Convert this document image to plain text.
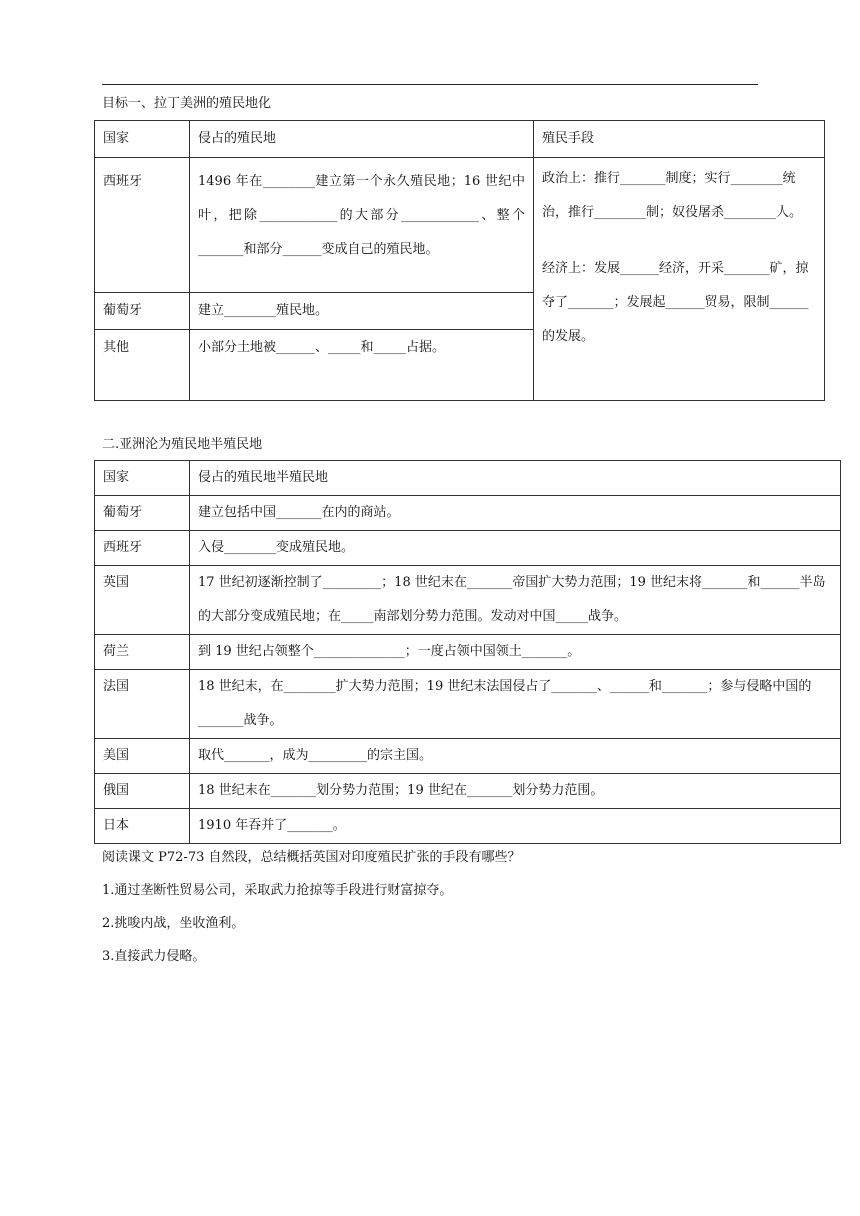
目标一、拉丁美洲的殖民地化
国家	侵占的殖民地	殖民手段
西班牙	1496 年在________建立第一个永久殖民地；16 世纪中叶，把除____________的大部分____________、整个_______和部分______变成自己的殖民地。	政治上：推行_______制度；实行________统治，推行________制；奴役屠杀________人。
经济上：发展______经济，开采_______矿，掠夺了_______；发展起______贸易，限制______的发展。

葡萄牙	建立________殖民地。	
其他	小部分土地被______、_____和_____占据。	
二.亚洲沦为殖民地半殖民地
国家	侵占的殖民地半殖民地
葡萄牙	建立包括中国_______在内的商站。
西班牙	入侵________变成殖民地。
英国	17 世纪初逐渐控制了_________；18 世纪末在_______帝国扩大势力范围；19 世纪末将_______和______半岛的大部分变成殖民地；在_____南部划分势力范围。发动对中国_____战争。
荷兰	到 19 世纪占领整个______________；一度占领中国领土_______。
法国	18 世纪末，在________扩大势力范围；19 世纪末法国侵占了_______、______和_______；参与侵略中国的_______战争。
美国	取代_______，成为_________的宗主国。
俄国	18 世纪末在_______划分势力范围；19 世纪在_______划分势力范围。
日本	1910 年吞并了_______。
阅读课文 P72-73 自然段，总结概括英国对印度殖民扩张的手段有哪些？
1.通过垄断性贸易公司，采取武力抢掠等手段进行财富掠夺。
2.挑唆内战，坐收渔利。
3.直接武力侵略。
